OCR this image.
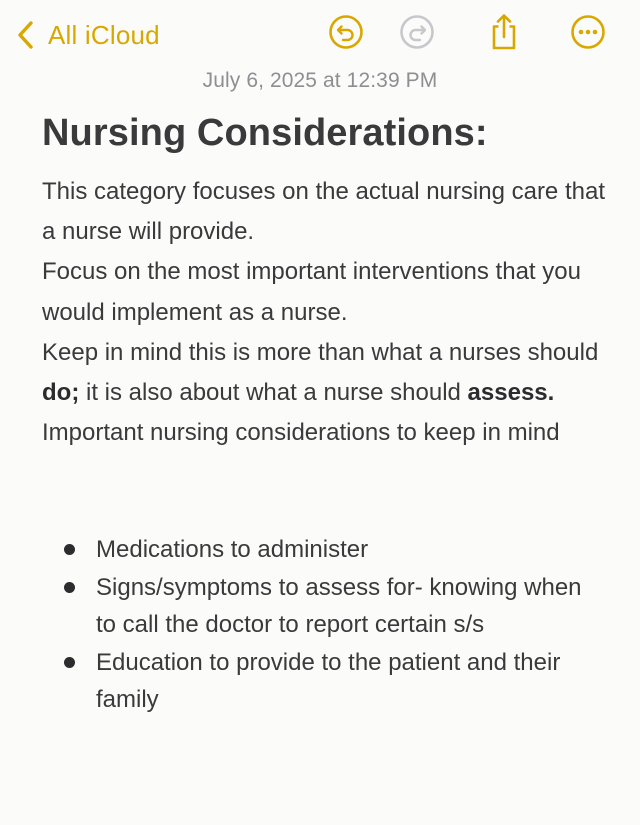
All iCloud
July 6, 2025 at 12:39 PM
Nursing Considerations:

This category focuses on the actual nursing care that a nurse will provide.

Focus on the most important interventions that you would implement as a nurse.

Keep in mind this is more than what a nurses should do; it is also about what a nurse should assess.

Important nursing considerations to keep in mind

Medications to administer
Signs/symptoms to assess for- knowing when to call the doctor to report certain s/s
Education to provide to the patient and their family
